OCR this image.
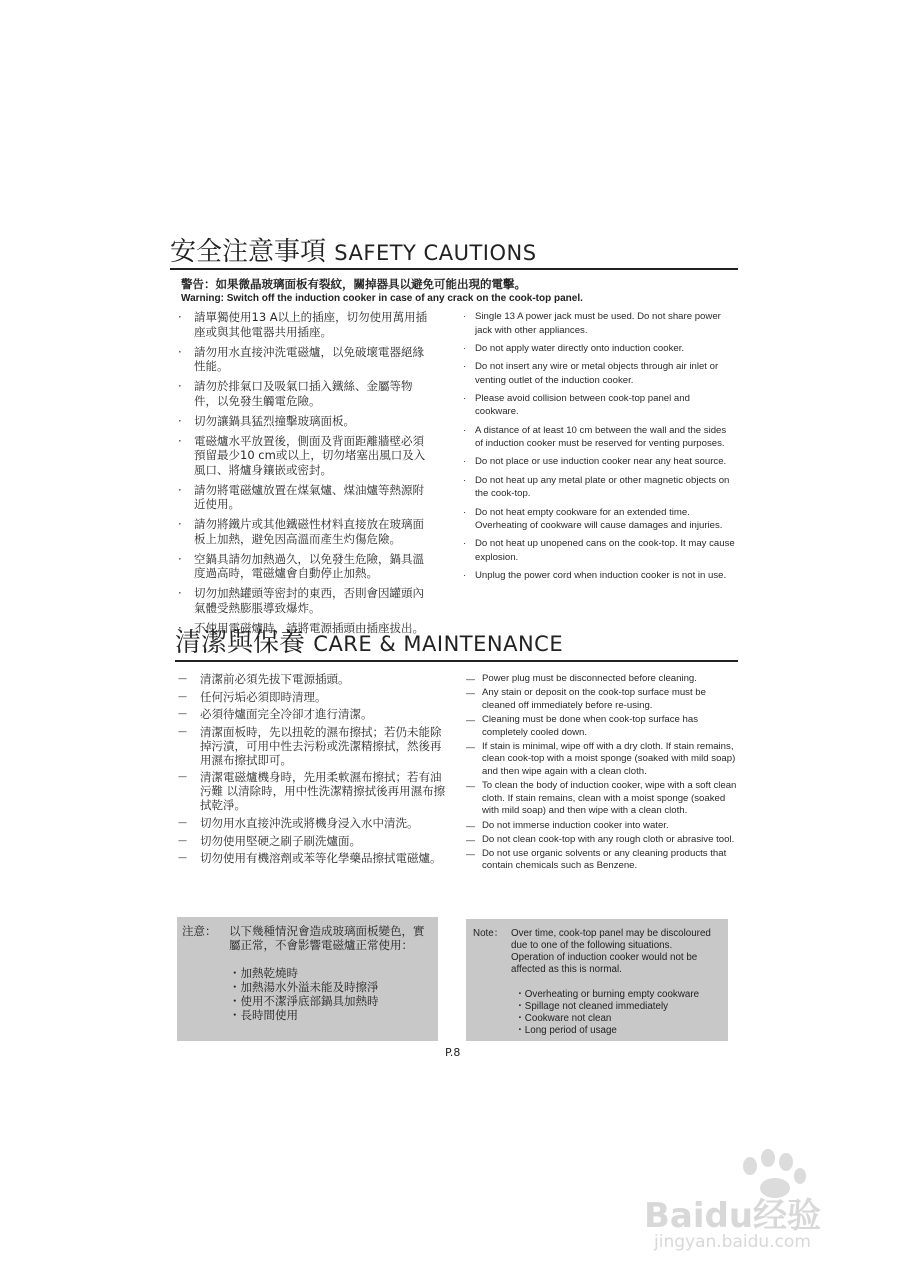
安全注意事項 SAFETY CAUTIONS
警告：如果微晶玻璃面板有裂紋，關掉器具以避免可能出現的電擊。
Warning: Switch off the induction cooker in case of any crack on the cook-top panel.
· 請單獨使用13 A以上的插座，切勿使用萬用插座或與其他電器共用插座。
· 請勿用水直接沖洗電磁爐，以免破壞電器絕緣性能。
· 請勿於排氣口及吸氣口插入鐵絲、金屬等物件，以免發生觸電危險。
· 切勿讓鍋具猛烈撞擊玻璃面板。
· 電磁爐水平放置後，側面及背面距離牆壁必須預留最少10 cm或以上，切勿堵塞出風口及入風口、將爐身鑲嵌或密封。
· 請勿將電磁爐放置在煤氣爐、煤油爐等熱源附近使用。
· 請勿將鐵片或其他鐵磁性材料直接放在玻璃面板上加熱，避免因高溫而產生灼傷危險。
· 空鍋具請勿加熱過久，以免發生危險，鍋具溫度過高時，電磁爐會自動停止加熱。
· 切勿加熱罐頭等密封的東西，否則會因罐頭內氣體受熱膨脹導致爆炸。
· 不使用電磁爐時，請將電源插頭由插座拔出。
· Single 13 A power jack must be used. Do not share power jack with other appliances.
· Do not apply water directly onto induction cooker.
· Do not insert any wire or metal objects through air inlet or venting outlet of the induction cooker.
· Please avoid collision between cook-top panel and cookware.
· A distance of at least 10 cm between the wall and the sides of induction cooker must be reserved for venting purposes.
· Do not place or use induction cooker near any heat source.
· Do not heat up any metal plate or other magnetic objects on the cook-top.
· Do not heat empty cookware for an extended time. Overheating of cookware will cause damages and injuries.
· Do not heat up unopened cans on the cook-top. It may cause explosion.
· Unplug the power cord when induction cooker is not in use.
清潔與保養 CARE & MAINTENANCE
— 清潔前必須先拔下電源插頭。
— 任何污垢必須即時清理。
— 必須待爐面完全冷卻才進行清潔。
— 清潔面板時，先以扭乾的濕布擦拭；若仍未能除掉污漬，可用中性去污粉或洗潔精擦拭，然後再用濕布擦拭即可。
— 清潔電磁爐機身時，先用柔軟濕布擦拭；若有油污難 以清除時，用中性洗潔精擦拭後再用濕布擦拭乾淨。
— 切勿用水直接沖洗或將機身浸入水中清洗。
— 切勿使用堅硬之刷子刷洗爐面。
— 切勿使用有機溶劑或苯等化學藥品擦拭電磁爐。
— Power plug must be disconnected before cleaning.
— Any stain or deposit on the cook-top surface must be cleaned off immediately before re-using.
— Cleaning must be done when cook-top surface has completely cooled down.
— If stain is minimal, wipe off with a dry cloth. If stain remains, clean cook-top with a moist sponge (soaked with mild soap) and then wipe again with a clean cloth.
— To clean the body of induction cooker, wipe with a soft clean cloth. If stain remains, clean with a moist sponge (soaked with mild soap) and then wipe with a clean cloth.
— Do not immerse induction cooker into water.
— Do not clean cook-top with any rough cloth or abrasive tool.
— Do not use organic solvents or any cleaning products that contain chemicals such as Benzene.
注意： 以下幾種情況會造成玻璃面板變色，實屬正常，不會影響電磁爐正常使用：
・加熱乾燒時
・加熱湯水外溢未能及時擦淨
・使用不潔淨底部鍋具加熱時
・長時間使用
Note： Over time, cook-top panel may be discoloured due to one of the following situations. Operation of induction cooker would not be affected as this is normal.
・Overheating or burning empty cookware
・Spillage not cleaned immediately
・Cookware not clean
・Long period of usage
P.8
Baidu经验
jingyan.baidu.com
